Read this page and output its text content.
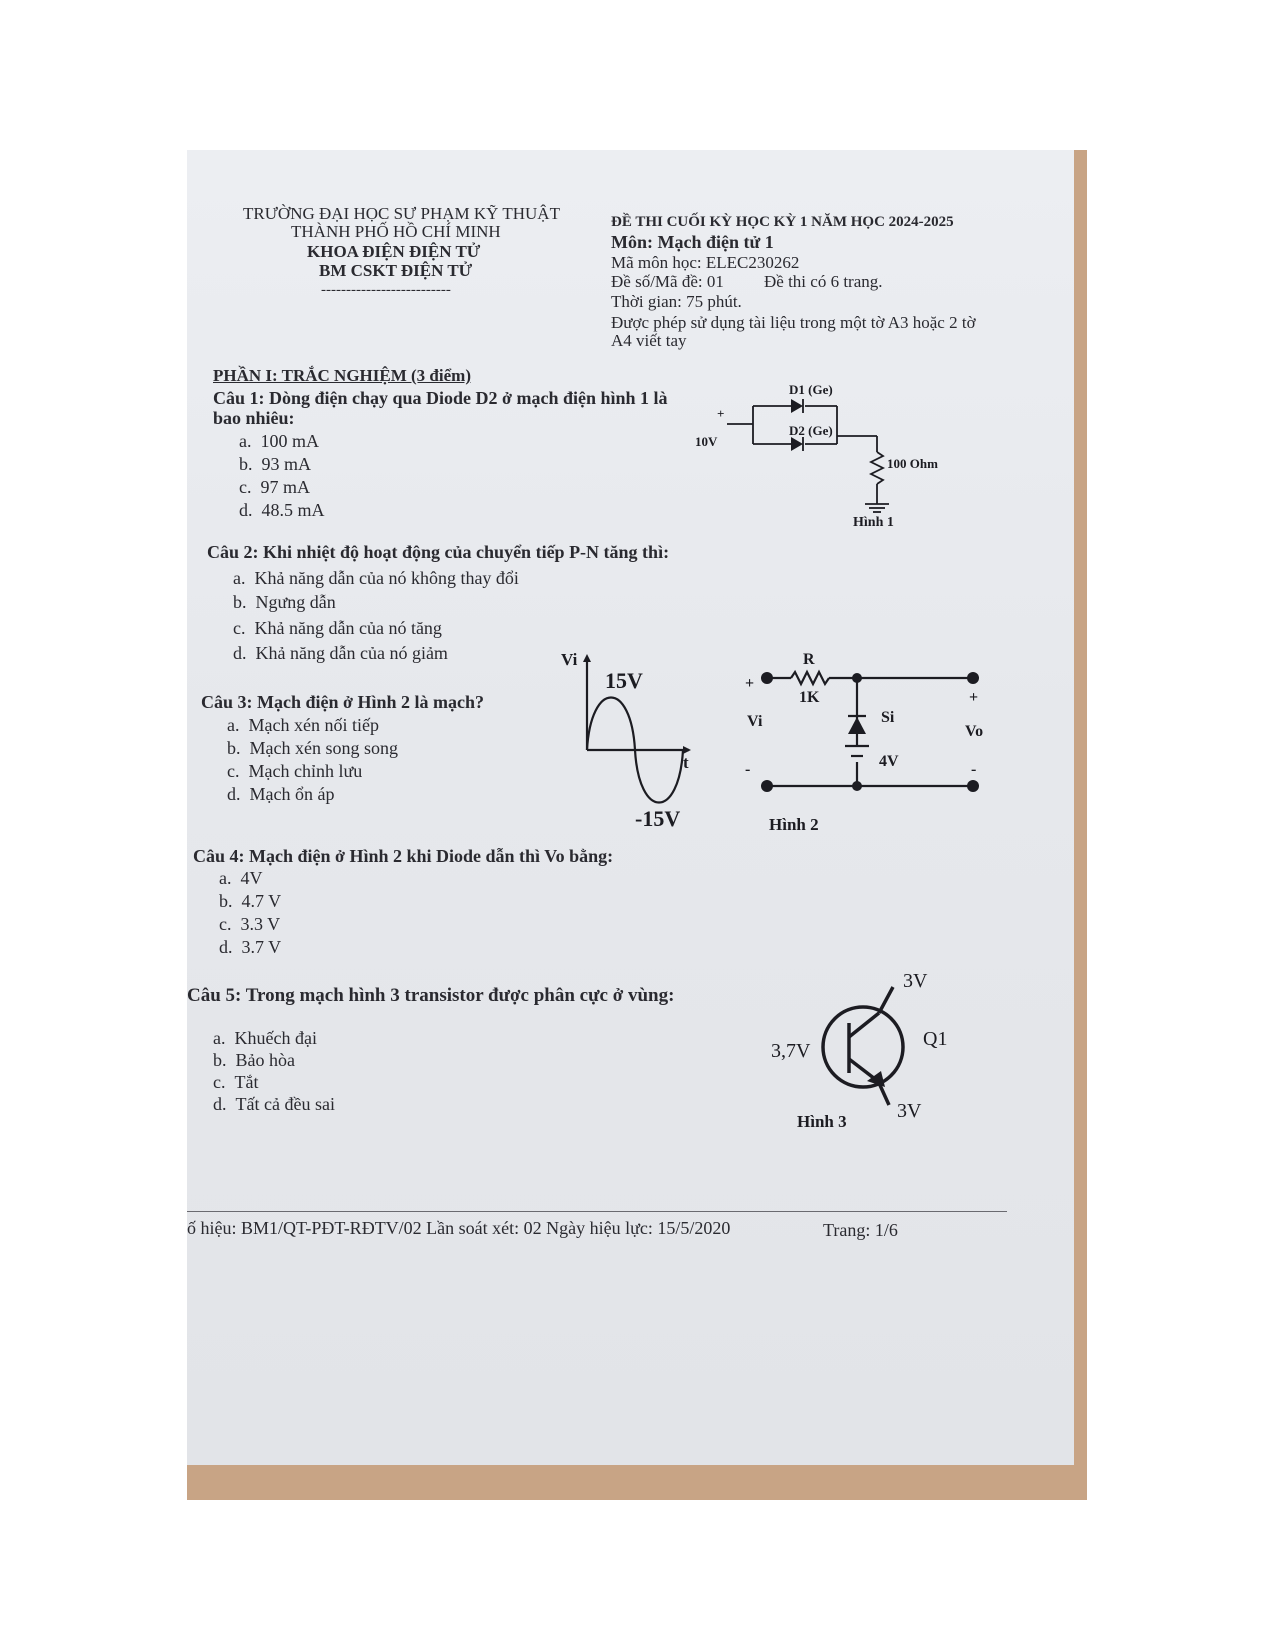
TRƯỜNG ĐẠI HỌC SƯ PHẠM KỸ THUẬT
THÀNH PHỐ HỒ CHÍ MINH
KHOA ĐIỆN ĐIỆN TỬ
BM CSKT ĐIỆN TỬ
--------------------------
ĐỀ THI CUỐI KỲ HỌC KỲ 1 NĂM HỌC 2024-2025
Môn: Mạch điện tử 1
Mã môn học: ELEC230262
Đề số/Mã đề: 01 Đề thi có 6 trang.
Thời gian: 75 phút.
Được phép sử dụng tài liệu trong một tờ A3 hoặc 2 tờ
A4 viết tay
PHẦN I: TRẮC NGHIỆM (3 điểm)
Câu 1: Dòng điện chạy qua Diode D2 ở mạch điện hình 1 là
bao nhiêu:
a. 100 mA
b. 93 mA
c. 97 mA
d. 48.5 mA
D1 (Ge)
D2 (Ge)
+
10V
100 Ohm
Hình 1
Câu 2: Khi nhiệt độ hoạt động của chuyển tiếp P-N tăng thì:
a. Khả năng dẫn của nó không thay đổi
b. Ngưng dẫn
c. Khả năng dẫn của nó tăng
d. Khả năng dẫn của nó giảm
Câu 3: Mạch điện ở Hình 2 là mạch?
a. Mạch xén nối tiếp
b. Mạch xén song song
c. Mạch chỉnh lưu
d. Mạch ổn áp
Vi
15V
t
-15V
R
1K
Si
4V
Vi
Vo
+
-
+
-
Hình 2
Câu 4: Mạch điện ở Hình 2 khi Diode dẫn thì Vo bằng:
a. 4V
b. 4.7 V
c. 3.3 V
d. 3.7 V
Câu 5: Trong mạch hình 3 transistor được phân cực ở vùng:
a. Khuếch đại
b. Bảo hòa
c. Tắt
d. Tất cả đều sai
3V
3,7V
Q1
3V
Hình 3
ố hiệu: BM1/QT-PĐT-RĐTV/02 Lần soát xét: 02 Ngày hiệu lực: 15/5/2020	Trang: 1/6
